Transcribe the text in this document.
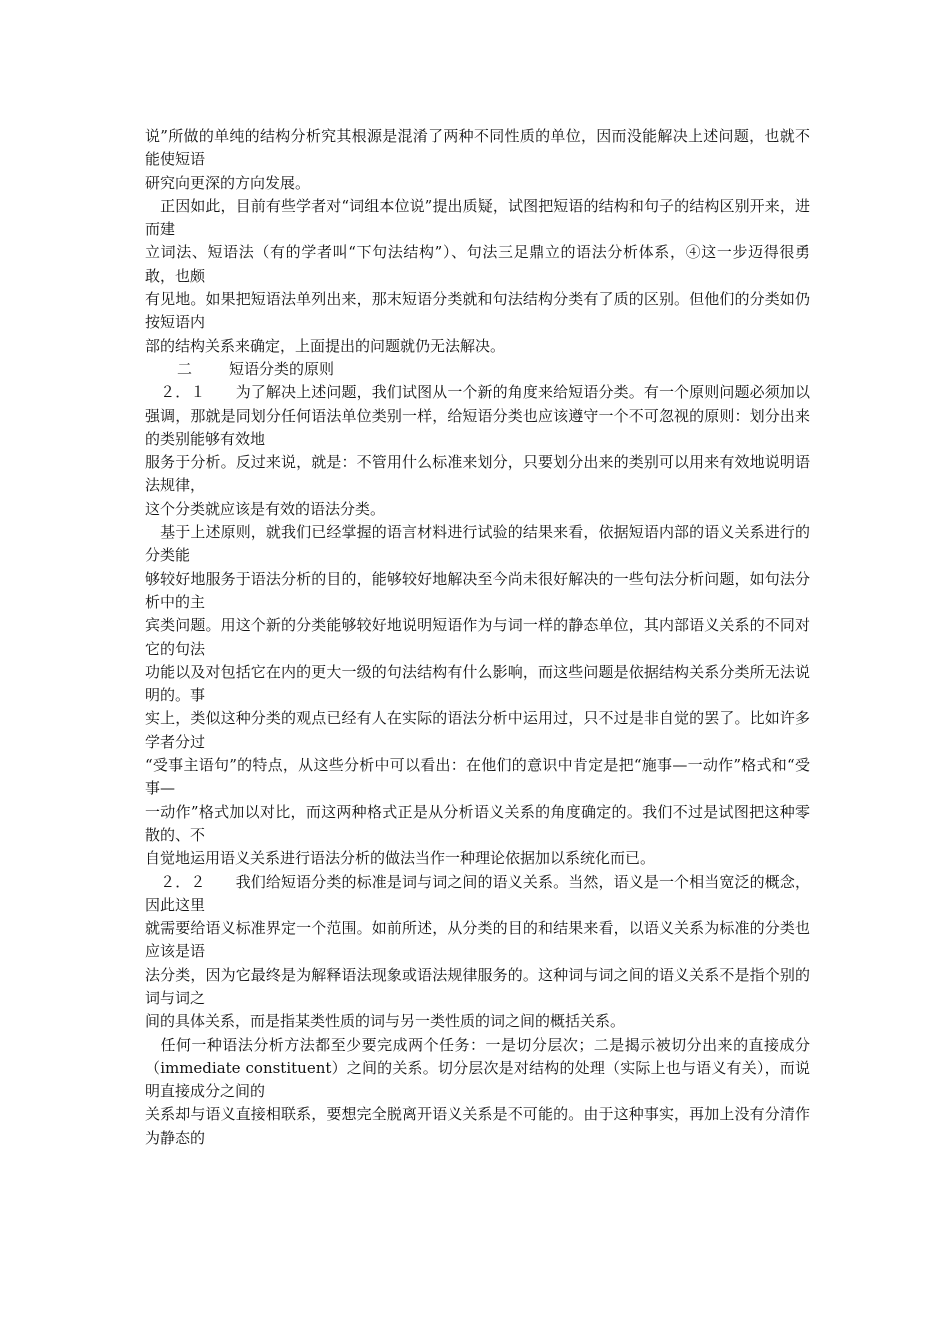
说”所做的单纯的结构分析究其根源是混淆了两种不同性质的单位，因而没能解决上述问题，也就不能使短语

研究向更深的方向发展。

　正因如此，目前有些学者对“词组本位说”提出质疑，试图把短语的结构和句子的结构区别开来，进而建

立词法、短语法（有的学者叫“下句法结构”）、句法三足鼎立的语法分析体系，④这一步迈得很勇敢，也颇

有见地。如果把短语法单列出来，那末短语分类就和句法结构分类有了质的区别。但他们的分类如仍按短语内

部的结构关系来确定，上面提出的问题就仍无法解决。

二 短语分类的原则

　２．１　　为了解决上述问题，我们试图从一个新的角度来给短语分类。有一个原则问题必须加以强调，那就是同划分任何语法单位类别一样，给短语分类也应该遵守一个不可忽视的原则：划分出来的类别能够有效地

服务于分析。反过来说，就是：不管用什么标准来划分，只要划分出来的类别可以用来有效地说明语法规律，

这个分类就应该是有效的语法分类。

　基于上述原则，就我们已经掌握的语言材料进行试验的结果来看，依据短语内部的语义关系进行的分类能

够较好地服务于语法分析的目的，能够较好地解决至今尚未很好解决的一些句法分析问题，如句法分析中的主

宾类问题。用这个新的分类能够较好地说明短语作为与词一样的静态单位，其内部语义关系的不同对它的句法

功能以及对包括它在内的更大一级的句法结构有什么影响，而这些问题是依据结构关系分类所无法说明的。事

实上，类似这种分类的观点已经有人在实际的语法分析中运用过，只不过是非自觉的罢了。比如许多学者分过

“受事主语句”的特点，从这些分析中可以看出：在他们的意识中肯定是把“施事—一动作”格式和“受事—

一动作”格式加以对比，而这两种格式正是从分析语义关系的角度确定的。我们不过是试图把这种零散的、不

自觉地运用语义关系进行语法分析的做法当作一种理论依据加以系统化而已。

　２．２　　我们给短语分类的标准是词与词之间的语义关系。当然，语义是一个相当宽泛的概念，因此这里

就需要给语义标准界定一个范围。如前所述，从分类的目的和结果来看，以语义关系为标准的分类也应该是语

法分类，因为它最终是为解释语法现象或语法规律服务的。这种词与词之间的语义关系不是指个别的词与词之

间的具体关系，而是指某类性质的词与另一类性质的词之间的概括关系。

　任何一种语法分析方法都至少要完成两个任务：一是切分层次；二是揭示被切分出来的直接成分（immediate constituent）之间的关系。切分层次是对结构的处理（实际上也与语义有关），而说明直接成分之间的

关系却与语义直接相联系，要想完全脱离开语义关系是不可能的。由于这种事实，再加上没有分清作为静态的
